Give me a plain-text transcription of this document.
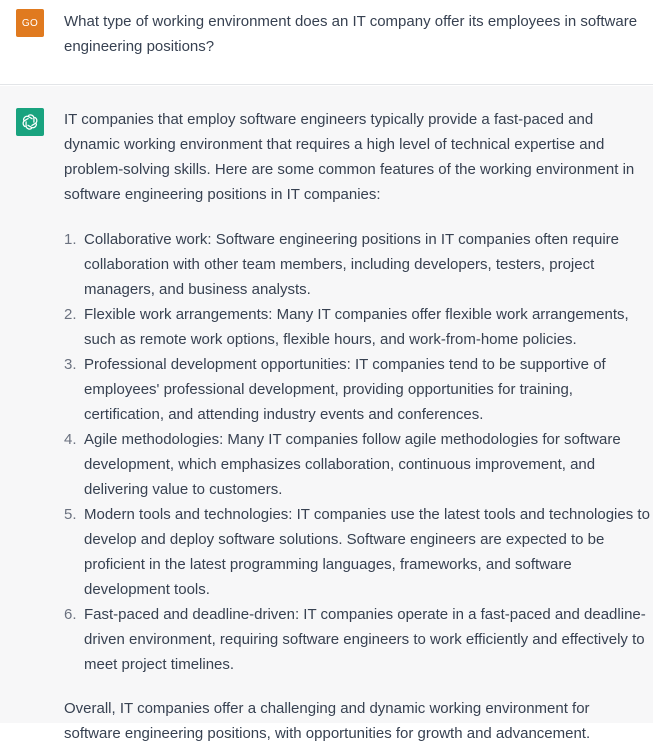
GO	What type of working environment does an IT company offer its employees in software engineering positions?

IT companies that employ software engineers typically provide a fast-paced and dynamic working environment that requires a high level of technical expertise and problem-solving skills. Here are some common features of the working environment in software engineering positions in IT companies:

1. Collaborative work: Software engineering positions in IT companies often require collaboration with other team members, including developers, testers, project managers, and business analysts.
2. Flexible work arrangements: Many IT companies offer flexible work arrangements, such as remote work options, flexible hours, and work-from-home policies.
3. Professional development opportunities: IT companies tend to be supportive of employees' professional development, providing opportunities for training, certification, and attending industry events and conferences.
4. Agile methodologies: Many IT companies follow agile methodologies for software development, which emphasizes collaboration, continuous improvement, and delivering value to customers.
5. Modern tools and technologies: IT companies use the latest tools and technologies to develop and deploy software solutions. Software engineers are expected to be proficient in the latest programming languages, frameworks, and software development tools.
6. Fast-paced and deadline-driven: IT companies operate in a fast-paced and deadline-driven environment, requiring software engineers to work efficiently and effectively to meet project timelines.

Overall, IT companies offer a challenging and dynamic working environment for software engineering positions, with opportunities for growth and advancement.
